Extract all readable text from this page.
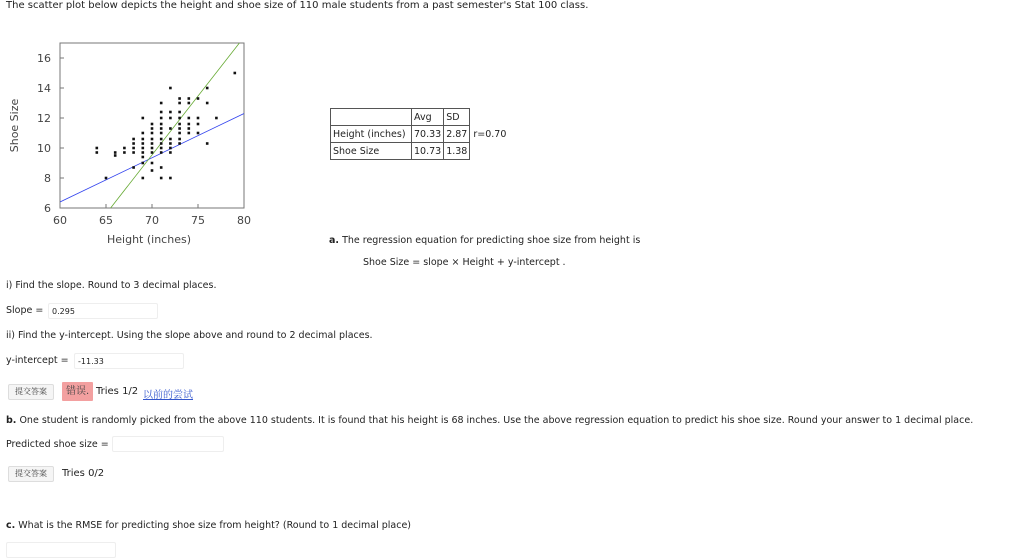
The scatter plot below depicts the height and shoe size of 110 male students from a past semester's Stat 100 class.
60	65	70	75	80
6
8
10
12
14
16
Height (inches)
Shoe Size
		Avg	SD	
Height (inches)	70.33	2.87	r=0.70
Shoe Size	10.73	1.38	
a. The regression equation for predicting shoe size from height is
Shoe Size = slope × Height + y-intercept .
i) Find the slope. Round to 3 decimal places.
Slope =	0.295
ii) Find the y-intercept. Using the slope above and round to 2 decimal places.
y-intercept =	-11.33
提交答案	错误. Tries 1/2 以前的尝试
b. One student is randomly picked from the above 110 students. It is found that his height is 68 inches. Use the above regression equation to predict his shoe size. Round your answer to 1 decimal place.
Predicted shoe size =
提交答案	Tries 0/2
c. What is the RMSE for predicting shoe size from height? (Round to 1 decimal place)
